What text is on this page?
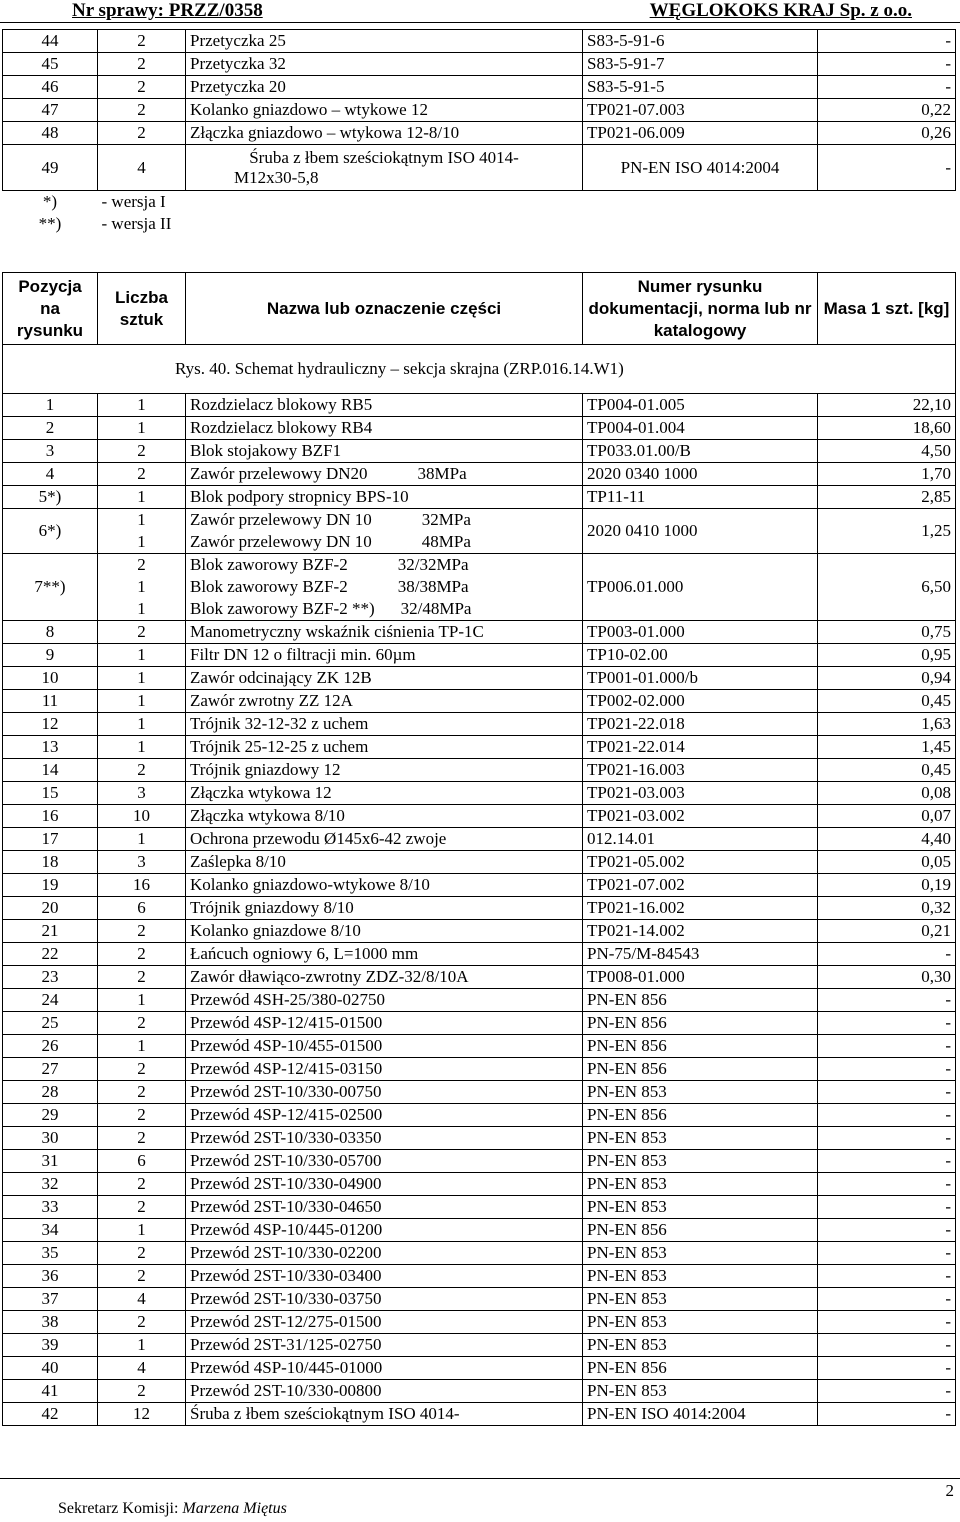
Nr sprawy: PRZZ/0358	WĘGLOKOKS KRAJ Sp. z o.o.
44	2	Przetyczka 25	S83-5-91-6	-
45	2	Przetyczka 32	S83-5-91-7	-
46	2	Przetyczka 20	S83-5-91-5	-
47	2	Kolanko gniazdowo – wtykowe 12	TP021-07.003	0,22
48	2	Złączka gniazdowo – wtykowa 12-8/10	TP021-06.009	0,26
49	4	Śruba z łbem sześciokątnym ISO 4014-
M12x30-5,8	PN-EN ISO 4014:2004	-
*)	- wersja I			
**)	- wersja II			
Pozycja na rysunku	Liczba sztuk	Nazwa lub oznaczenie części	Numer rysunku dokumentacji, norma lub nr katalogowy	Masa 1 szt. [kg]
Rys. 40. Schemat hydrauliczny – sekcja skrajna (ZRP.016.14.W1)				
1	1	Rozdzielacz blokowy RB5	TP004-01.005	22,10
2	1	Rozdzielacz blokowy RB4	TP004-01.004	18,60
3	2	Blok stojakowy BZF1	TP033.01.00/B	4,50
4	2	Zawór przelewowy DN20 38MPa	2020 0340 1000	1,70
5*)	1	Blok podpory stropnicy BPS-10	TP11-11	2,85
6*)	1	Zawór przelewowy DN 10 32MPa	2020 0410 1000	1,25
	1	Zawór przelewowy DN 10 48MPa		
7**)	2	Blok zaworowy BZF-2 32/32MPa	TP006.01.000	6,50
	1	Blok zaworowy BZF-2 38/38MPa		
	1	Blok zaworowy BZF-2 **) 32/48MPa		
8	2	Manometryczny wskaźnik ciśnienia TP-1C	TP003-01.000	0,75
9	1	Filtr DN 12 o filtracji min. 60µm	TP10-02.00	0,95
10	1	Zawór odcinający ZK 12B	TP001-01.000/b	0,94
11	1	Zawór zwrotny ZZ 12A	TP002-02.000	0,45
12	1	Trójnik 32-12-32 z uchem	TP021-22.018	1,63
13	1	Trójnik 25-12-25 z uchem	TP021-22.014	1,45
14	2	Trójnik gniazdowy 12	TP021-16.003	0,45
15	3	Złączka wtykowa 12	TP021-03.003	0,08
16	10	Złączka wtykowa 8/10	TP021-03.002	0,07
17	1	Ochrona przewodu Ø145x6-42 zwoje	012.14.01	4,40
18	3	Zaślepka 8/10	TP021-05.002	0,05
19	16	Kolanko gniazdowo-wtykowe 8/10	TP021-07.002	0,19
20	6	Trójnik gniazdowy 8/10	TP021-16.002	0,32
21	2	Kolanko gniazdowe 8/10	TP021-14.002	0,21
22	2	Łańcuch ogniowy 6, L=1000 mm	PN-75/M-84543	-
23	2	Zawór dławiąco-zwrotny ZDZ-32/8/10A	TP008-01.000	0,30
24	1	Przewód 4SH-25/380-02750	PN-EN 856	-
25	2	Przewód 4SP-12/415-01500	PN-EN 856	-
26	1	Przewód 4SP-10/455-01500	PN-EN 856	-
27	2	Przewód 4SP-12/415-03150	PN-EN 856	-
28	2	Przewód 2ST-10/330-00750	PN-EN 853	-
29	2	Przewód 4SP-12/415-02500	PN-EN 856	-
30	2	Przewód 2ST-10/330-03350	PN-EN 853	-
31	6	Przewód 2ST-10/330-05700	PN-EN 853	-
32	2	Przewód 2ST-10/330-04900	PN-EN 853	-
33	2	Przewód 2ST-10/330-04650	PN-EN 853	-
34	1	Przewód 4SP-10/445-01200	PN-EN 856	-
35	2	Przewód 2ST-10/330-02200	PN-EN 853	-
36	2	Przewód 2ST-10/330-03400	PN-EN 853	-
37	4	Przewód 2ST-10/330-03750	PN-EN 853	-
38	2	Przewód 2ST-12/275-01500	PN-EN 853	-
39	1	Przewód 2ST-31/125-02750	PN-EN 853	-
40	4	Przewód 4SP-10/445-01000	PN-EN 856	-
41	2	Przewód 2ST-10/330-00800	PN-EN 853	-
42	12	Śruba z łbem sześciokątnym ISO 4014-	PN-EN ISO 4014:2004	-
2
Sekretarz Komisji: Marzena Miętus
